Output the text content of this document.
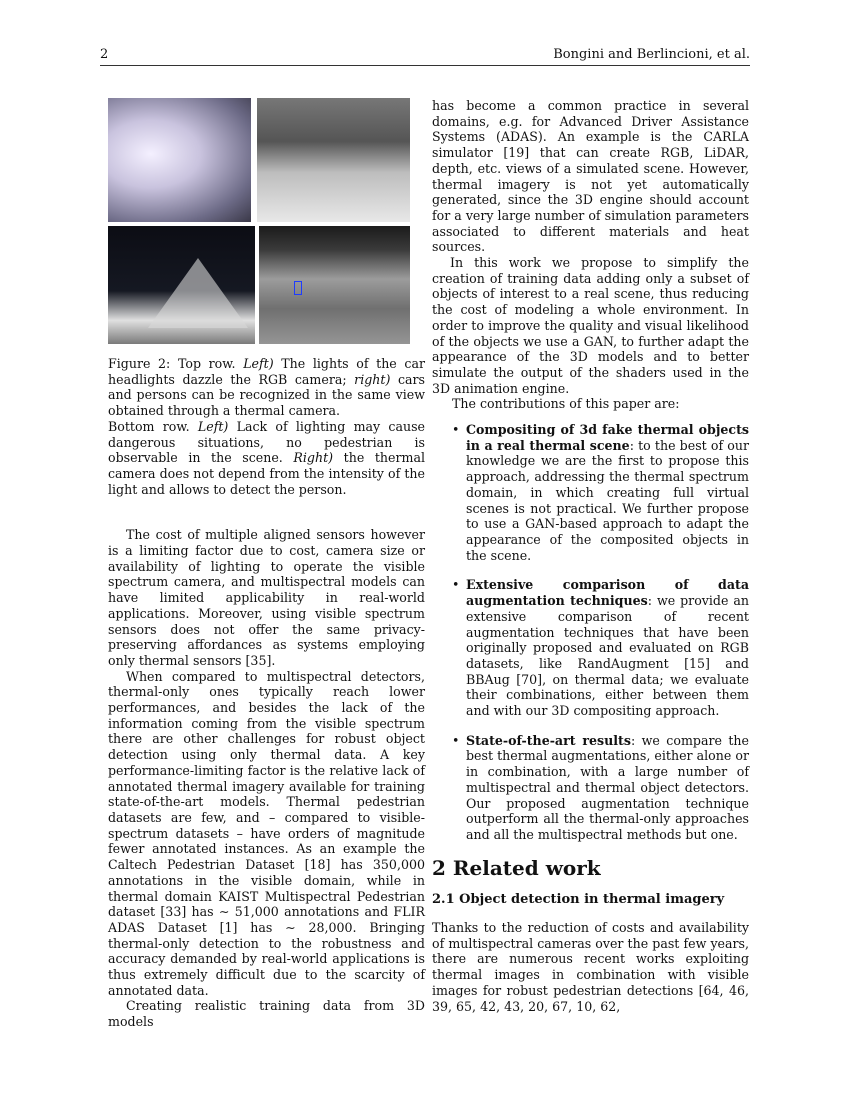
2	Bongini and Berlincioni, et al.
Figure 2: Top row. Left) The lights of the car headlights dazzle the RGB camera; right) cars and persons can be recognized in the same view obtained through a thermal camera.
Bottom row. Left) Lack of lighting may cause dangerous situations, no pedestrian is observable in the scene. Right) the thermal camera does not depend from the intensity of the light and allows to detect the person.

The cost of multiple aligned sensors however is a limiting factor due to cost, camera size or availability of lighting to operate the visible spectrum camera, and multispectral models can have limited applicability in real-world applications. Moreover, using visible spectrum sensors does not offer the same privacy-preserving affordances as systems employing only thermal sensors [35].

When compared to multispectral detectors, thermal-only ones typically reach lower performances, and besides the lack of the information coming from the visible spectrum there are other challenges for robust object detection using only thermal data. A key performance-limiting factor is the relative lack of annotated thermal imagery available for training state-of-the-art models. Thermal pedestrian datasets are few, and – compared to visible-spectrum datasets – have orders of magnitude fewer annotated instances. As an example the Caltech Pedestrian Dataset [18] has 350,000 annotations in the visible domain, while in thermal domain KAIST Multispectral Pedestrian dataset [33] has ∼ 51,000 annotations and FLIR ADAS Dataset [1] has ∼ 28,000. Bringing thermal-only detection to the robustness and accuracy demanded by real-world applications is thus extremely difficult due to the scarcity of annotated data.

Creating realistic training data from 3D models

has become a common practice in several domains, e.g. for Advanced Driver Assistance Systems (ADAS). An example is the CARLA simulator [19] that can create RGB, LiDAR, depth, etc. views of a simulated scene. However, thermal imagery is not yet automatically generated, since the 3D engine should account for a very large number of simulation parameters associated to different materials and heat sources.

In this work we propose to simplify the creation of training data adding only a subset of objects of interest to a real scene, thus reducing the cost of modeling a whole environment. In order to improve the quality and visual likelihood of the objects we use a GAN, to further adapt the appearance of the 3D models and to better simulate the output of the shaders used in the 3D animation engine.

The contributions of this paper are:

• Compositing of 3d fake thermal objects in a real thermal scene: to the best of our knowledge we are the first to propose this approach, addressing the thermal spectrum domain, in which creating full virtual scenes is not practical. We further propose to use a GAN-based approach to adapt the appearance of the composited objects in the scene.
• Extensive comparison of data augmentation techniques: we provide an extensive comparison of recent augmentation techniques that have been originally proposed and evaluated on RGB datasets, like RandAugment [15] and BBAug [70], on thermal data; we evaluate their combinations, either between them and with our 3D compositing approach.
• State-of-the-art results: we compare the best thermal augmentations, either alone or in combination, with a large number of multispectral and thermal object detectors. Our proposed augmentation technique outperform all the thermal-only approaches and all the multispectral methods but one.
2 Related work
2.1 Object detection in thermal imagery

Thanks to the reduction of costs and availability of multispectral cameras over the past few years, there are numerous recent works exploiting thermal images in combination with visible images for robust pedestrian detections [64, 46, 39, 65, 42, 43, 20, 67, 10, 62,
